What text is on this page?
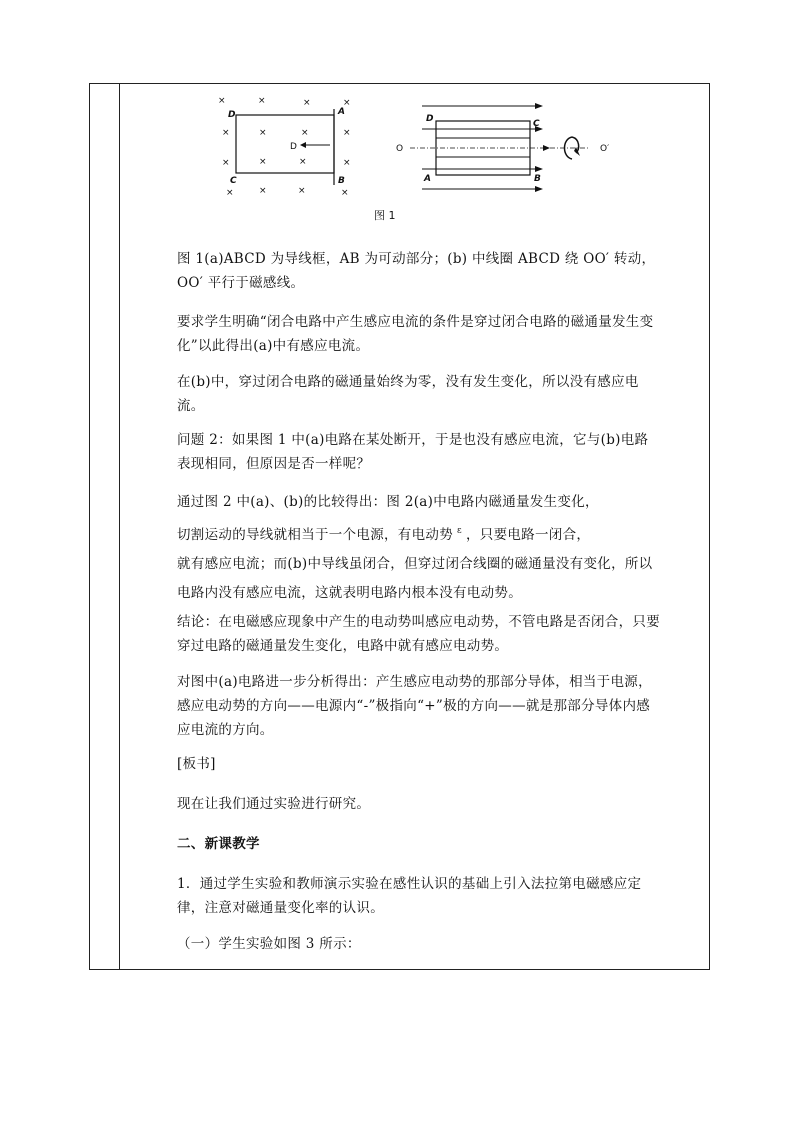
×	×	×	×
×	×	×	×
×	×	×	×
×	×	×	×
D	A
C	B
D
D	C
A	B
O	O′
图 1

图 1(a)ABCD 为导线框，AB 为可动部分；(b) 中线圈 ABCD 绕 OO′ 转动，OO′ 平行于磁感线。

要求学生明确“闭合电路中产生感应电流的条件是穿过闭合电路的磁通量发生变化”以此得出(a)中有感应电流。

在(b)中，穿过闭合电路的磁通量始终为零，没有发生变化，所以没有感应电流。

问题 2：如果图 1 中(a)电路在某处断开，于是也没有感应电流，它与(b)电路表现相同，但原因是否一样呢？

通过图 2 中(a)、(b)的比较得出：图 2(a)中电路内磁通量发生变化，
切割运动的导线就相当于一个电源，有电动势 $^\varepsilon$ ，只要电路一闭合，
就有感应电流；而(b)中导线虽闭合，但穿过闭合线圈的磁通量没有变化，所以电路内没有感应电流，这就表明电路内根本没有电动势。

结论：在电磁感应现象中产生的电动势叫感应电动势，不管电路是否闭合，只要穿过电路的磁通量发生变化，电路中就有感应电动势。

对图中(a)电路进一步分析得出：产生感应电动势的那部分导体，相当于电源，感应电动势的方向——电源内“-”极指向“+”极的方向——就是那部分导体内感应电流的方向。

[板书]

现在让我们通过实验进行研究。

二、新课教学

1．通过学生实验和教师演示实验在感性认识的基础上引入法拉第电磁感应定律，注意对磁通量变化率的认识。

（一）学生实验如图 3 所示：
